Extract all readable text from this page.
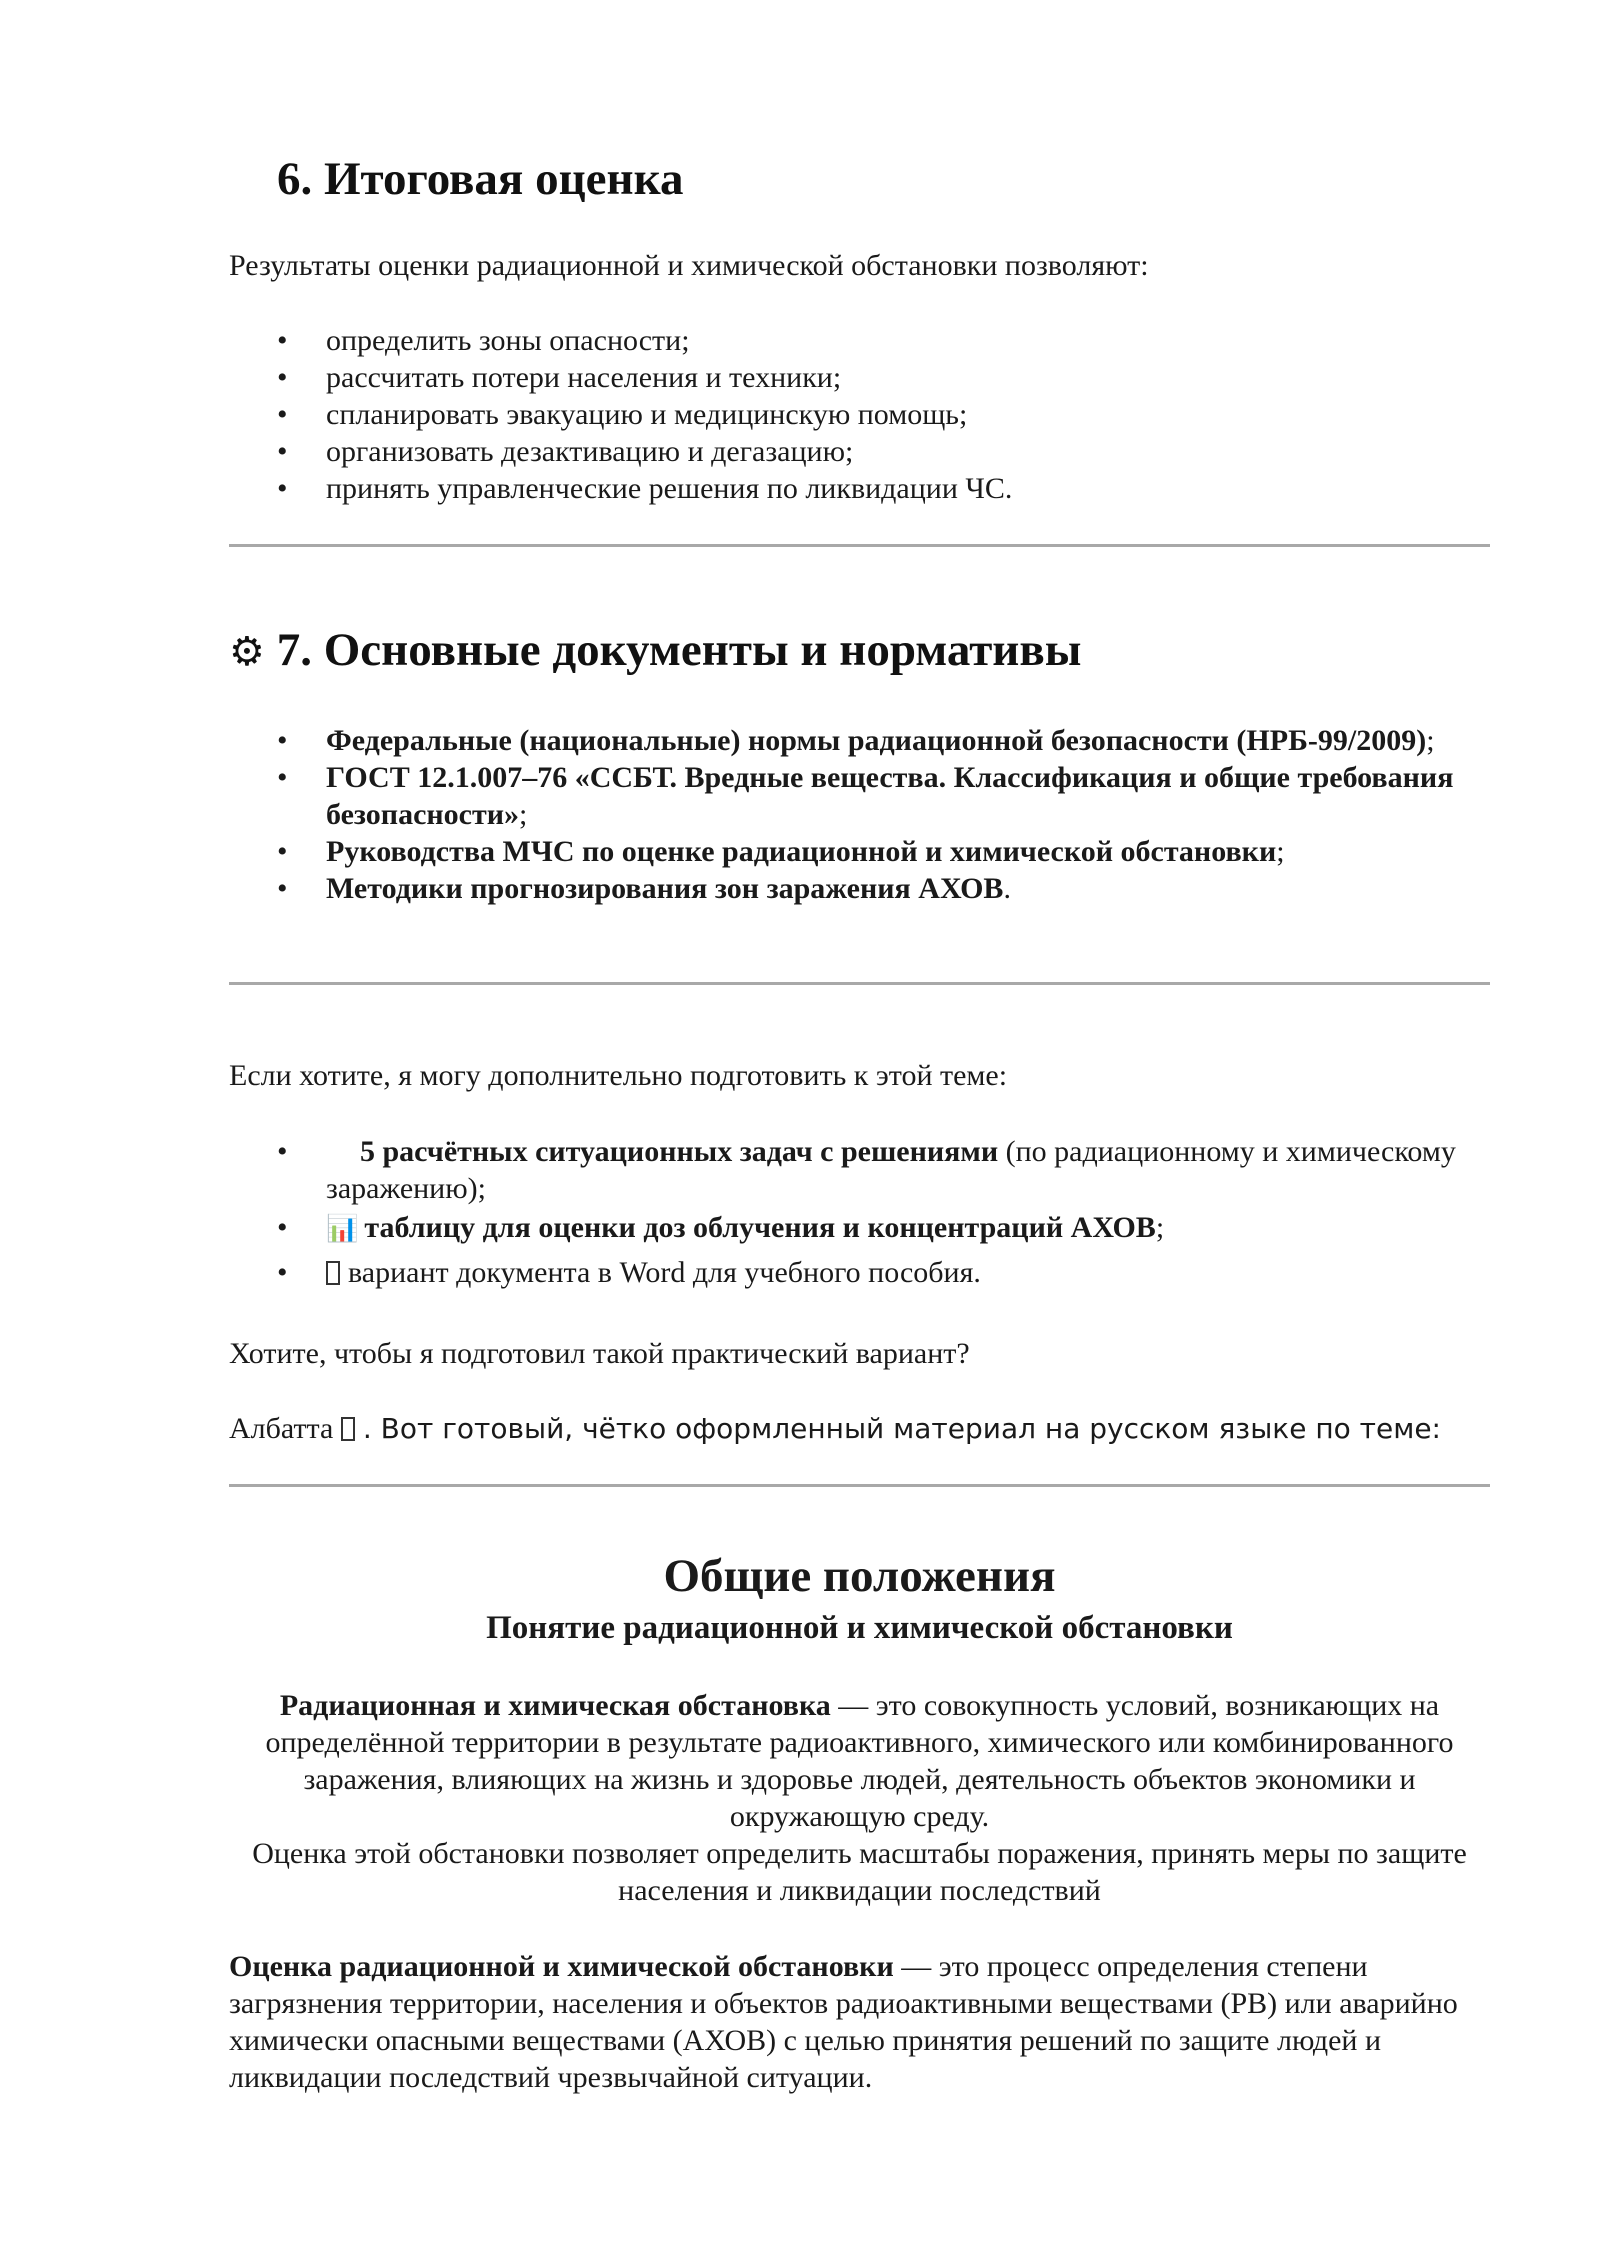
6. Итоговая оценка

Результаты оценки радиационной и химической обстановки позволяют:

• определить зоны опасности;
• рассчитать потери населения и техники;
• спланировать эвакуацию и медицинскую помощь;
• организовать дезактивацию и дегазацию;
• принять управленческие решения по ликвидации ЧС.
⚙ 7. Основные документы и нормативы
• Федеральные (национальные) нормы радиационной безопасности (НРБ-99/2009);
• ГОСТ 12.1.007–76 «ССБТ. Вредные вещества. Классификация и общие требования безопасности»;
• Руководства МЧС по оценке радиационной и химической обстановки;
• Методики прогнозирования зон заражения АХОВ.

Если хотите, я могу дополнительно подготовить к этой теме:

• 5 расчётных ситуационных задач с решениями (по радиационному и химическому заражению);
• 📊 таблицу для оценки доз облучения и концентраций АХОВ;
• вариант документа в Word для учебного пособия.

Хотите, чтобы я подготовил такой практический вариант?

Албатта . Вот готовый, чётко оформленный материал на русском языке по теме:

Общие положения
Понятие радиационной и химической обстановки
Радиационная и химическая обстановка — это совокупность условий, возникающих на определённой территории в результате радиоактивного, химического или комбинированного заражения, влияющих на жизнь и здоровье людей, деятельность объектов экономики и окружающую среду.
Оценка этой обстановки позволяет определить масштабы поражения, принять меры по защите населения и ликвидации последствий
Оценка радиационной и химической обстановки — это процесс определения степени загрязнения территории, населения и объектов радиоактивными веществами (РВ) или аварийно химически опасными веществами (АХОВ) с целью принятия решений по защите людей и ликвидации последствий чрезвычайной ситуации.
